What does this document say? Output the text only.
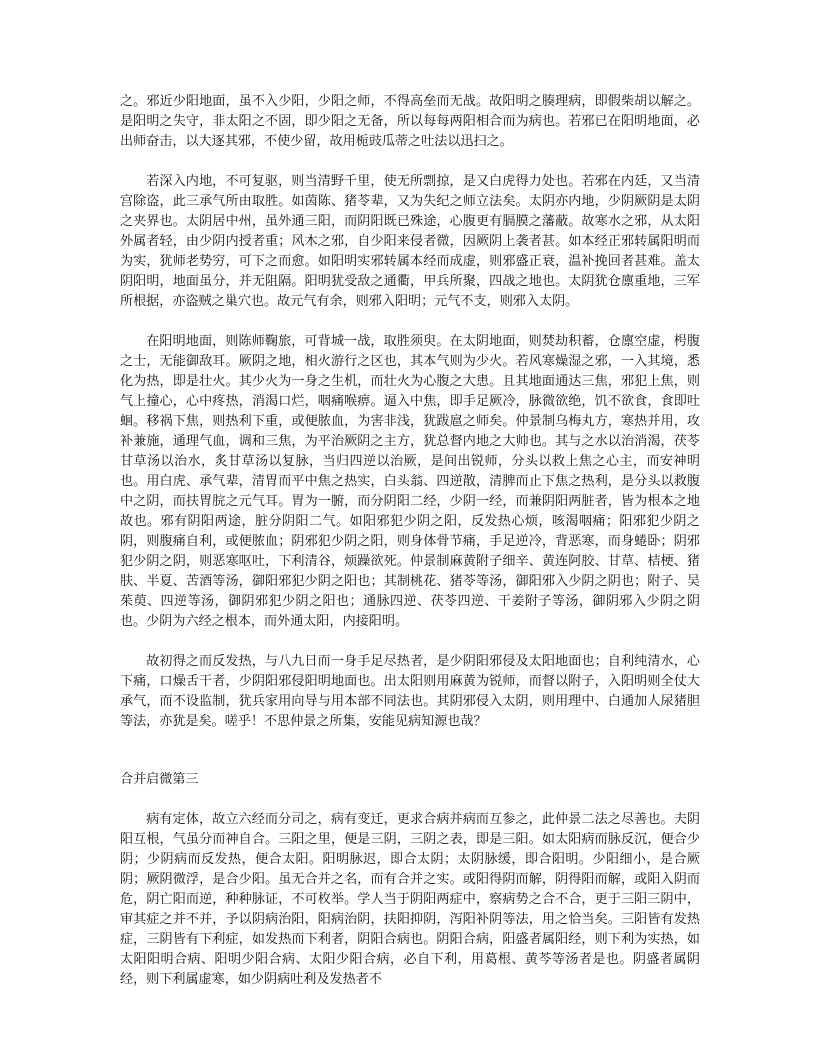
之。邪近少阳地面，虽不入少阳，少阳之师，不得高垒而无战。故阳明之腠理病，即假柴胡以解之。是阳明之失守，非太阳之不固，即少阳之无备，所以每每两阳相合而为病也。若邪已在阳明地面，必出师奋击，以大逐其邪，不使少留，故用栀豉瓜蒂之吐法以迅扫之。

若深入内地，不可复驱，则当清野千里，使无所剽掠，是又白虎得力处也。若邪在内廷，又当清宫除盗，此三承气所由取胜。如茵陈、猪苓辈，又为失纪之师立法矣。太阴亦内地，少阴厥阴是太阴之夹界也。太阴居中州，虽外通三阳，而阴阳既已殊途，心腹更有膈膜之藩蔽。故寒水之邪，从太阳外属者轻，由少阴内授者重；风木之邪，自少阳来侵者微，因厥阴上袭者甚。如本经正邪转属阳明而为实，犹师老势穷，可下之而愈。如阳明实邪转属本经而成虚，则邪盛正衰，温补挽回者甚难。盖太阴阳明，地面虽分，并无阻隔。阳明犹受敌之通衢，甲兵所聚，四战之地也。太阴犹仓廪重地，三军所根据，亦盗贼之巢穴也。故元气有余，则邪入阳明；元气不支，则邪入太阴。

在阳明地面，则陈师鞠旅，可背城一战，取胜须臾。在太阴地面，则焚劫积蓄，仓廪空虚，枵腹之士，无能御敌耳。厥阴之地，相火游行之区也，其本气则为少火。若风寒燥湿之邪，一入其境，悉化为热，即是壮火。其少火为一身之生机，而壮火为心腹之大患。且其地面通达三焦，邪犯上焦，则气上撞心，心中疼热，消渴口烂，咽痛喉痹。逼入中焦，即手足厥冷，脉微欲绝，饥不欲食，食即吐蛔。移祸下焦，则热利下重，或便脓血，为害非浅，犹跋扈之师矣。仲景制乌梅丸方，寒热并用，攻补兼施，通理气血，调和三焦，为平治厥阴之主方，犹总督内地之大帅也。其与之水以治消渴，茯苓甘草汤以治水，炙甘草汤以复脉，当归四逆以治厥，是间出锐师，分头以救上焦之心主，而安神明也。用白虎、承气辈，清胃而平中焦之热实，白头翁、四逆散，清脾而止下焦之热利，是分头以救腹中之阴，而扶胃脘之元气耳。胃为一腑，而分阴阳二经，少阴一经，而兼阴阳两脏者，皆为根本之地故也。邪有阴阳两途，脏分阴阳二气。如阳邪犯少阴之阳，反发热心烦，咳渴咽痛；阳邪犯少阴之阴，则腹痛自利，或便脓血；阴邪犯少阴之阳，则身体骨节痛，手足逆冷，背恶寒，而身蜷卧；阴邪犯少阴之阴，则恶寒呕吐，下利清谷，烦躁欲死。仲景制麻黄附子细辛、黄连阿胶、甘草、桔梗、猪肤、半夏、苦酒等汤，御阳邪犯少阴之阳也；其制桃花、猪苓等汤，御阳邪入少阴之阴也；附子、吴茱萸、四逆等汤，御阴邪犯少阴之阳也；通脉四逆、茯苓四逆、干姜附子等汤，御阴邪入少阴之阴也。少阴为六经之根本，而外通太阳，内接阳明。

故初得之而反发热，与八九日而一身手足尽热者，是少阴阳邪侵及太阳地面也；自利纯清水，心下痛，口燥舌干者，少阴阳邪侵阳明地面也。出太阳则用麻黄为锐师，而督以附子，入阳明则全仗大承气，而不设监制，犹兵家用向导与用本部不同法也。其阴邪侵入太阴，则用理中、白通加人尿猪胆等法，亦犹是矣。嗟乎！不思仲景之所集，安能见病知源也哉？

合并启微第三

病有定体，故立六经而分司之，病有变迁，更求合病并病而互参之，此仲景二法之尽善也。夫阴阳互根，气虽分而神自合。三阳之里，便是三阴，三阴之表，即是三阳。如太阳病而脉反沉，便合少阴；少阴病而反发热，便合太阳。阳明脉迟，即合太阴；太阴脉缓，即合阳明。少阳细小，是合厥阴；厥阴微浮，是合少阳。虽无合并之名，而有合并之实。或阳得阴而解，阴得阳而解，或阳入阴而危，阴亡阳而逆，种种脉证，不可枚举。学人当于阴阳两症中，察病势之合不合，更于三阳三阴中，审其症之并不并，予以阴病治阳，阳病治阴，扶阳抑阴，泻阳补阴等法，用之恰当矣。三阳皆有发热症，三阴皆有下利症，如发热而下利者，阴阳合病也。阴阳合病，阳盛者属阳经，则下利为实热，如太阳阳明合病、阳明少阳合病、太阳少阳合病，必自下利，用葛根、黄芩等汤者是也。阴盛者属阴经，则下利属虚寒，如少阴病吐利及发热者不
